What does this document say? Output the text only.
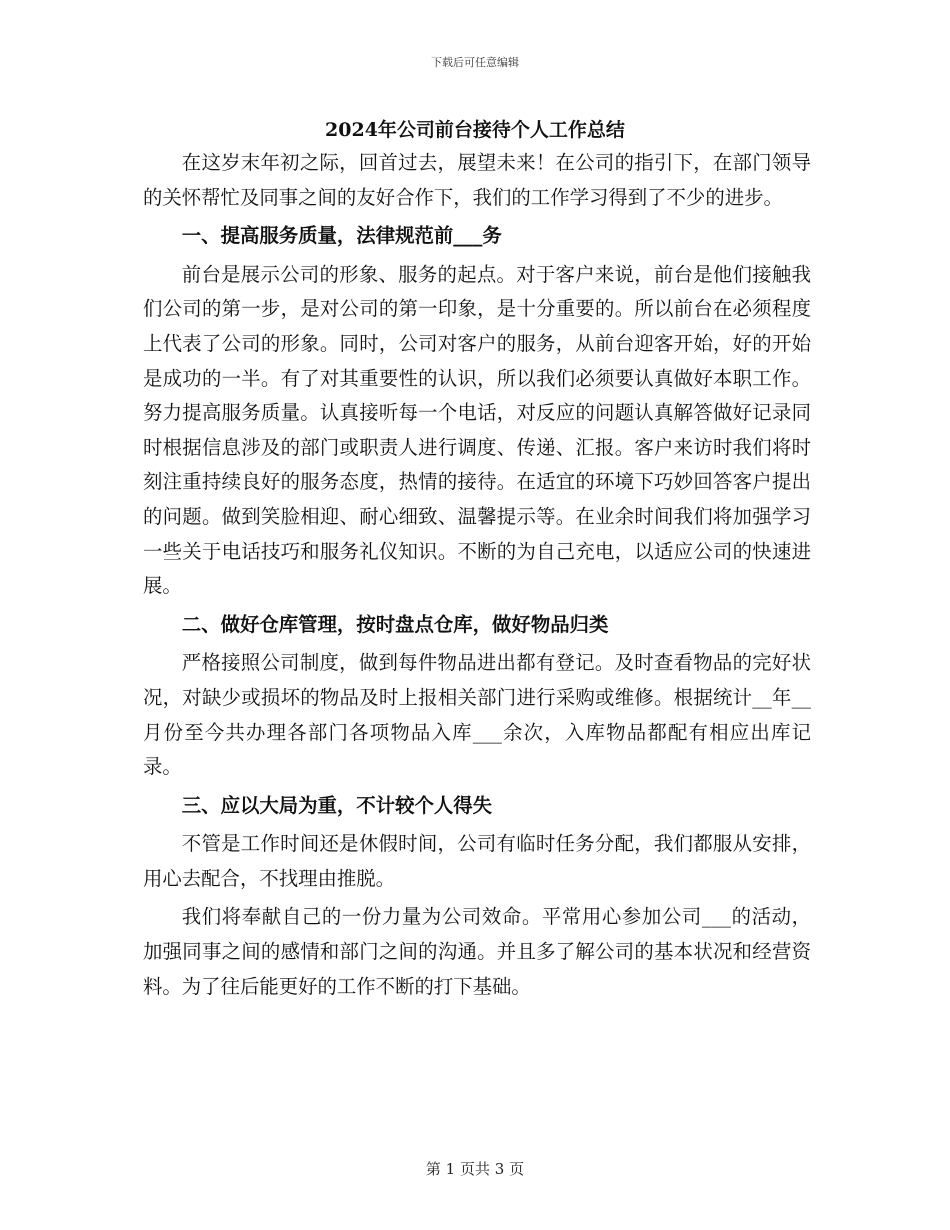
下载后可任意编辑
2024年公司前台接待个人工作总结

在这岁末年初之际，回首过去，展望未来！在公司的指引下，在部门领导的关怀帮忙及同事之间的友好合作下，我们的工作学习得到了不少的进步。

一、提高服务质量，法律规范前___务

前台是展示公司的形象、服务的起点。对于客户来说，前台是他们接触我们公司的第一步，是对公司的第一印象，是十分重要的。所以前台在必须程度上代表了公司的形象。同时，公司对客户的服务，从前台迎客开始，好的开始是成功的一半。有了对其重要性的认识，所以我们必须要认真做好本职工作。努力提高服务质量。认真接听每一个电话，对反应的问题认真解答做好记录同时根据信息涉及的部门或职责人进行调度、传递、汇报。客户来访时我们将时刻注重持续良好的服务态度，热情的接待。在适宜的环境下巧妙回答客户提出的问题。做到笑脸相迎、耐心细致、温馨提示等。在业余时间我们将加强学习一些关于电话技巧和服务礼仪知识。不断的为自己充电，以适应公司的快速进展。

二、做好仓库管理，按时盘点仓库，做好物品归类

严格接照公司制度，做到每件物品进出都有登记。及时查看物品的完好状况，对缺少或损坏的物品及时上报相关部门进行采购或维修。根据统计__年__月份至今共办理各部门各项物品入库___余次，入库物品都配有相应出库记录。

三、应以大局为重，不计较个人得失

不管是工作时间还是休假时间，公司有临时任务分配，我们都服从安排，用心去配合，不找理由推脱。

我们将奉献自己的一份力量为公司效命。平常用心参加公司___的活动，加强同事之间的感情和部门之间的沟通。并且多了解公司的基本状况和经营资料。为了往后能更好的工作不断的打下基础。

第 1 页共 3 页
